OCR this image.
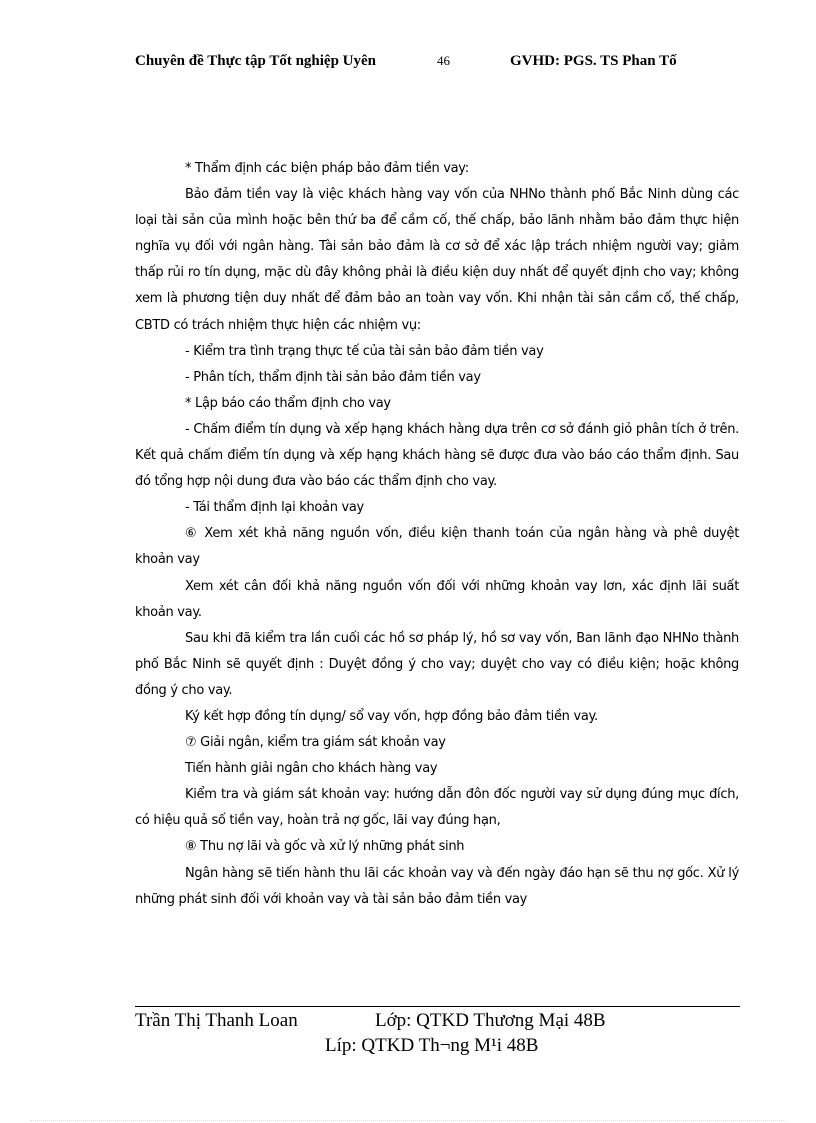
Chuyên đề Thực tập Tốt nghiệp Uyên	46	GVHD: PGS. TS Phan Tố

* Thẩm định các biện pháp bảo đảm tiền vay:

Bảo đảm tiền vay là việc khách hàng vay vốn của NHNo thành phố Bắc Ninh dùng các loại tài sản của mình hoặc bên thứ ba để cầm cố, thế chấp, bảo lãnh nhằm bảo đảm thực hiện nghĩa vụ đối với ngân hàng. Tài sản bảo đảm là cơ sở để xác lập trách nhiệm người vay; giảm thấp rủi ro tín dụng, mặc dù đây không phải là điều kiện duy nhất để quyết định cho vay; không xem là phương tiện duy nhất để đảm bảo an toàn vay vốn. Khi nhận tài sản cầm cố, thế chấp, CBTD có trách nhiệm thực hiện các nhiệm vụ:

- Kiểm tra tình trạng thực tế của tài sản bảo đảm tiền vay

- Phân tích, thẩm định tài sản bảo đảm tiền vay

* Lập báo cáo thẩm định cho vay

- Chấm điểm tín dụng và xếp hạng khách hàng dựa trên cơ sở đánh giỏ phân tích ở trên. Kết quả chấm điểm tín dụng và xếp hạng khách hàng sẽ được đưa vào báo cáo thẩm định. Sau đó tổng hợp nội dung đưa vào báo các thẩm định cho vay.

- Tái thẩm định lại khoản vay

⑥ Xem xét khả năng nguồn vốn, điều kiện thanh toán của ngân hàng và phê duyệt khoản vay

Xem xét cân đối khả năng nguồn vốn đối với những khoản vay lơn, xác định lãi suất khoản vay.

Sau khi đã kiểm tra lần cuối các hồ sơ pháp lý, hồ sơ vay vốn, Ban lãnh đạo NHNo thành phố Bắc Ninh sẽ quyết định : Duyệt đồng ý cho vay; duyệt cho vay có điều kiện; hoặc không đồng ý cho vay.

Ký kết hợp đồng tín dụng/ sổ vay vốn, hợp đồng bảo đảm tiền vay.

⑦ Giải ngân, kiểm tra giám sát khoản vay

Tiến hành giải ngân cho khách hàng vay

Kiểm tra và giám sát khoản vay: hướng dẫn đôn đốc người vay sử dụng đúng mục đích, có hiệu quả số tiền vay, hoàn trả nợ gốc, lãi vay đúng hạn,

⑧ Thu nợ lãi và gốc và xử lý những phát sinh

Ngân hàng sẽ tiến hành thu lãi các khoản vay và đến ngày đáo hạn sẽ thu nợ gốc. Xử lý những phát sinh đối với khoản vay và tài sản bảo đảm tiền vay

Trần Thị Thanh Loan	Lớp: QTKD Thương Mại 48B
Líp: QTKD Th¬ng M¹i 48B
